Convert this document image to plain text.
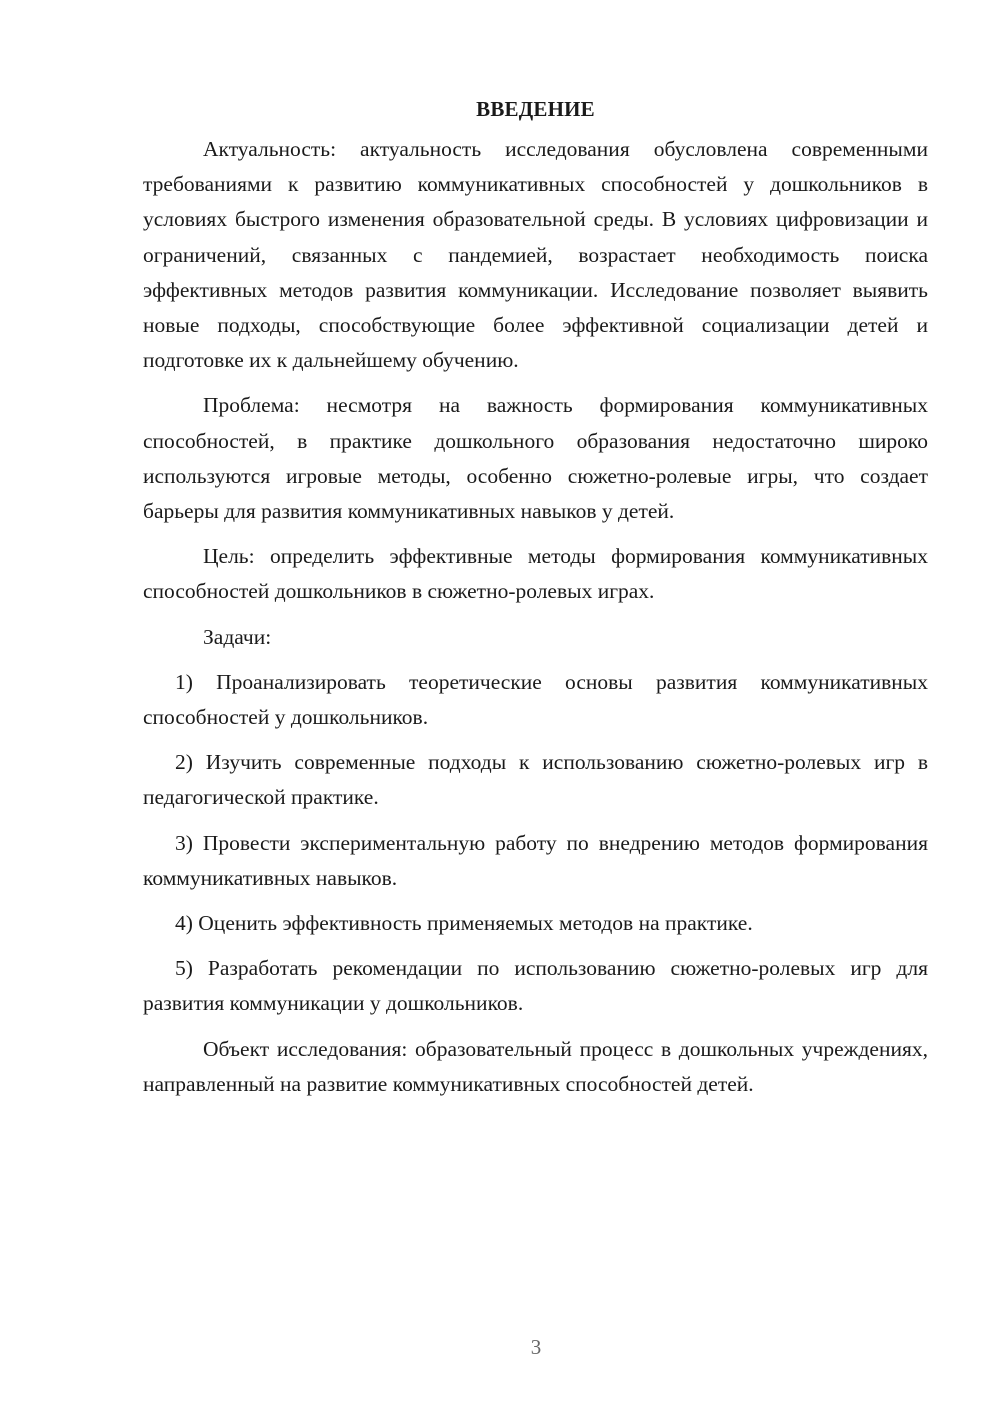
ВВЕДЕНИЕ

Актуальность: актуальность исследования обусловлена современными требованиями к развитию коммуникативных способностей у дошкольников в условиях быстрого изменения образовательной среды. В условиях цифровизации и ограничений, связанных с пандемией, возрастает необходимость поиска эффективных методов развития коммуникации. Исследование позволяет выявить новые подходы, способствующие более эффективной социализации детей и подготовке их к дальнейшему обучению.

Проблема: несмотря на важность формирования коммуникативных способностей, в практике дошкольного образования недостаточно широко используются игровые методы, особенно сюжетно-ролевые игры, что создает барьеры для развития коммуникативных навыков у детей.

Цель: определить эффективные методы формирования коммуникативных способностей дошкольников в сюжетно-ролевых играх.

Задачи:

1) Проанализировать теоретические основы развития коммуникативных способностей у дошкольников.

2) Изучить современные подходы к использованию сюжетно-ролевых игр в педагогической практике.

3) Провести экспериментальную работу по внедрению методов формирования коммуникативных навыков.

4) Оценить эффективность применяемых методов на практике.

5) Разработать рекомендации по использованию сюжетно-ролевых игр для развития коммуникации у дошкольников.

Объект исследования: образовательный процесс в дошкольных учреждениях, направленный на развитие коммуникативных способностей детей.

3
